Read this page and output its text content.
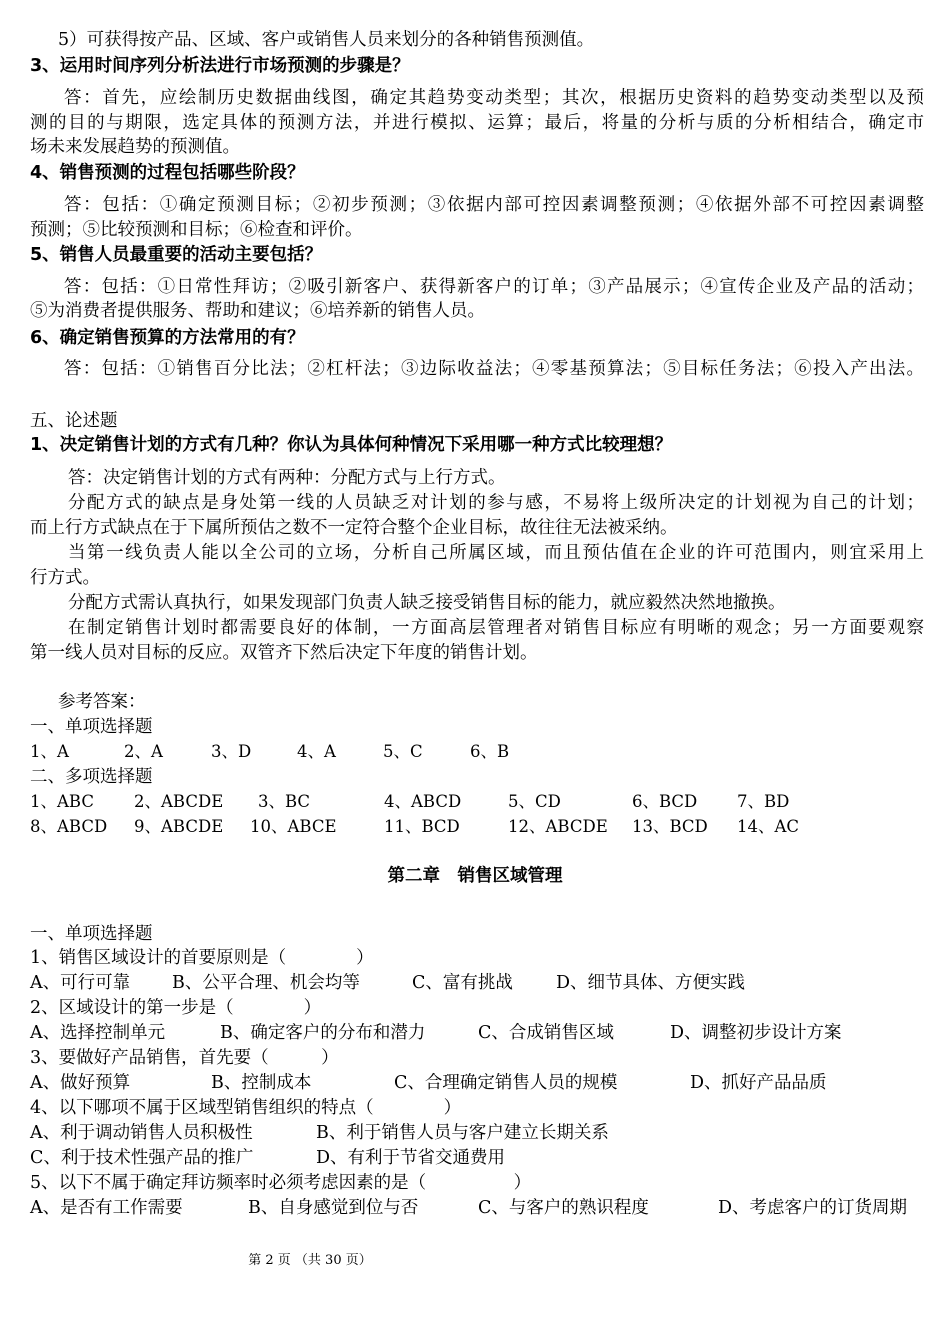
5）可获得按产品、区域、客户或销售人员来划分的各种销售预测值。
3、运用时间序列分析法进行市场预测的步骤是？
答：首先，应绘制历史数据曲线图，确定其趋势变动类型；其次，根据历史资料的趋势变动类型以及预
测的目的与期限，选定具体的预测方法，并进行模拟、运算；最后，将量的分析与质的分析相结合，确定市
场未来发展趋势的预测值。
4、销售预测的过程包括哪些阶段？
答：包括：①确定预测目标；②初步预测；③依据内部可控因素调整预测；④依据外部不可控因素调整
预测；⑤比较预测和目标；⑥检查和评价。
5、销售人员最重要的活动主要包括？
答：包括：①日常性拜访；②吸引新客户、获得新客户的订单；③产品展示；④宣传企业及产品的活动；
⑤为消费者提供服务、帮助和建议；⑥培养新的销售人员。
6、确定销售预算的方法常用的有？
答：包括：①销售百分比法；②杠杆法；③边际收益法；④零基预算法；⑤目标任务法；⑥投入产出法。
五、论述题
1、决定销售计划的方式有几种？你认为具体何种情况下采用哪一种方式比较理想？
答：决定销售计划的方式有两种：分配方式与上行方式。
分配方式的缺点是身处第一线的人员缺乏对计划的参与感，不易将上级所决定的计划视为自己的计划；
而上行方式缺点在于下属所预估之数不一定符合整个企业目标，故往往无法被采纳。
当第一线负责人能以全公司的立场，分析自己所属区域，而且预估值在企业的许可范围内，则宜采用上
行方式。
分配方式需认真执行，如果发现部门负责人缺乏接受销售目标的能力，就应毅然决然地撤换。
在制定销售计划时都需要良好的体制，一方面高层管理者对销售目标应有明晰的观念；另一方面要观察
第一线人员对目标的反应。双管齐下然后决定下年度的销售计划。
参考答案：
一、单项选择题
1、A	2、A	3、D	4、A	5、C	6、B
二、多项选择题
1、ABC 2、ABCDE 3、BC	4、ABCD	5、CD	6、BCD 7、BD
8、ABCD 9、ABCDE 10、ABCE	11、BCD	12、ABCDE 13、BCD 14、AC
第二章　销售区域管理
一、单项选择题
1、销售区域设计的首要原则是（　　　　）
A、可行可靠 B、公平合理、机会均等	C、富有挑战 D、细节具体、方便实践
2、区域设计的第一步是（　　　　）
A、选择控制单元	B、确定客户的分布和潜力	C、合成销售区域	D、调整初步设计方案
3、要做好产品销售，首先要（　　　）
A、做好预算	B、控制成本	C、合理确定销售人员的规模	D、抓好产品品质
4、以下哪项不属于区域型销售组织的特点（　　　　）
A、利于调动销售人员积极性	B、利于销售人员与客户建立长期关系
C、利于技术性强产品的推广	D、有利于节省交通费用
5、以下不属于确定拜访频率时必须考虑因素的是（　　　　　）
A、是否有工作需要	B、自身感觉到位与否	C、与客户的熟识程度	D、考虑客户的订货周期
第 2 页 （共 30 页）
